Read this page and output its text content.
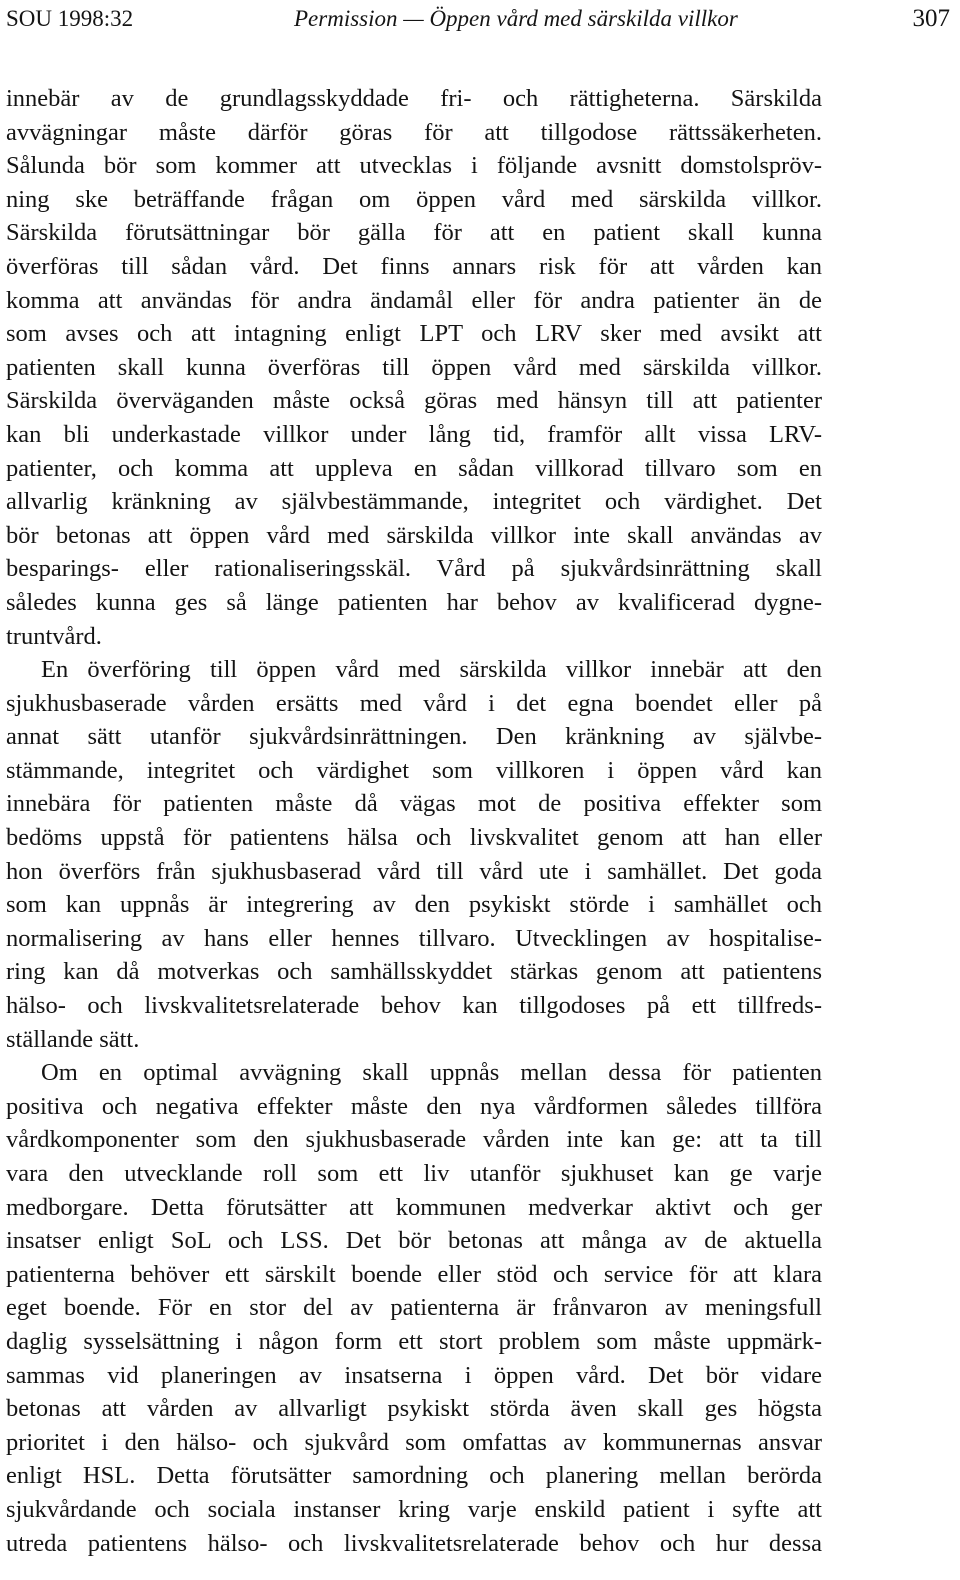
SOU 1998:32	Permission — Öppen vård med särskilda villkor	307
innebär av de grundlagsskyddade fri- och rättigheterna. Särskilda
avvägningar måste därför göras för att tillgodose rättssäkerheten.
Sålunda bör som kommer att utvecklas i följande avsnitt domstolspröv-
ning ske beträffande frågan om öppen vård med särskilda villkor.
Särskilda förutsättningar bör gälla för att en patient skall kunna
överföras till sådan vård. Det finns annars risk för att vården kan
komma att användas för andra ändamål eller för andra patienter än de
som avses och att intagning enligt LPT och LRV sker med avsikt att
patienten skall kunna överföras till öppen vård med särskilda villkor.
Särskilda överväganden måste också göras med hänsyn till att patienter
kan bli underkastade villkor under lång tid, framför allt vissa LRV-
patienter, och komma att uppleva en sådan villkorad tillvaro som en
allvarlig kränkning av självbestämmande, integritet och värdighet. Det
bör betonas att öppen vård med särskilda villkor inte skall användas av
besparings- eller rationaliseringsskäl. Vård på sjukvårdsinrättning skall
således kunna ges så länge patienten har behov av kvalificerad dygne-
truntvård.
En överföring till öppen vård med särskilda villkor innebär att den
sjukhusbaserade vården ersätts med vård i det egna boendet eller på
annat sätt utanför sjukvårdsinrättningen. Den kränkning av självbe-
stämmande, integritet och värdighet som villkoren i öppen vård kan
innebära för patienten måste då vägas mot de positiva effekter som
bedöms uppstå för patientens hälsa och livskvalitet genom att han eller
hon överförs från sjukhusbaserad vård till vård ute i samhället. Det goda
som kan uppnås är integrering av den psykiskt störde i samhället och
normalisering av hans eller hennes tillvaro. Utvecklingen av hospitalise-
ring kan då motverkas och samhällsskyddet stärkas genom att patientens
hälso- och livskvalitetsrelaterade behov kan tillgodoses på ett tillfreds-
ställande sätt.
Om en optimal avvägning skall uppnås mellan dessa för patienten
positiva och negativa effekter måste den nya vårdformen således tillföra
vårdkomponenter som den sjukhusbaserade vården inte kan ge: att ta till
vara den utvecklande roll som ett liv utanför sjukhuset kan ge varje
medborgare. Detta förutsätter att kommunen medverkar aktivt och ger
insatser enligt SoL och LSS. Det bör betonas att många av de aktuella
patienterna behöver ett särskilt boende eller stöd och service för att klara
eget boende. För en stor del av patienterna är frånvaron av meningsfull
daglig sysselsättning i någon form ett stort problem som måste uppmärk-
sammas vid planeringen av insatserna i öppen vård. Det bör vidare
betonas att vården av allvarligt psykiskt störda även skall ges högsta
prioritet i den hälso- och sjukvård som omfattas av kommunernas ansvar
enligt HSL. Detta förutsätter samordning och planering mellan berörda
sjukvårdande och sociala instanser kring varje enskild patient i syfte att
utreda patientens hälso- och livskvalitetsrelaterade behov och hur dessa
